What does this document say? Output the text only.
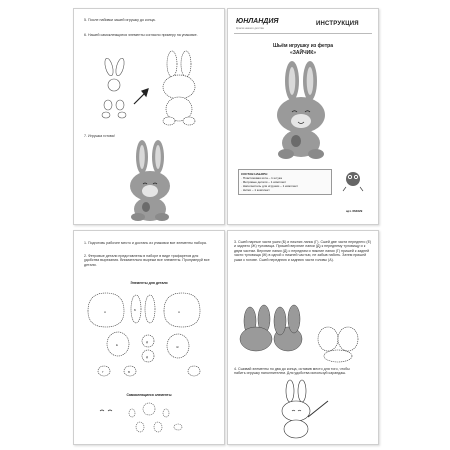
5. После набивки зашей игрушку до конца.
6. Нашей самоклеящиеся элементы согласно примеру на упаковке.
7. Игрушка готова!
ЮНЛАНДИЯ
Краски нашего детства
ИНСТРУКЦИЯ
Шьём игрушку из фетра
«ЗАЙЧИК»
СОСТАВ НАБОРА:
· Пластиковая игла – 1 штука
· Фетровые детали – 1 комплект
· Наполнитель для игрушки – 1 комплект
· Нитки – 1 комплект
арт. 664629
1. Подготовь рабочее место и достань из упаковки все элементы набора.
2. Фетровые детали представлены в наборе в виде трафаретов для удобства вырезания. Внимательно вырежи все элементы. Пронумеруй все детали.
Элементы для детали
А	Б	А
Е
Д
Д
Ж
Г	В
Самоклеящиеся элементы
3. Сшей парные части ушек (Б) и нижних лапок (Г). Сшей две части переднего (Е) и заднего (Ж) туловища. Пришей верхние лапки (Д) к переднему туловищу и к двум частям. Верхние лапки (Д) с передним и нижние лапки (Г) пришей к задней части туловища (Ж) в одной с нижней частью, не забыв набить. Затем пришей ушки к голове. Сшей переднюю и заднюю части головы (А).
4. Сшивай элементы по два до конца, оставив место для того, чтобы набить игрушку наполнителем. Для удобства используй карандаш.
